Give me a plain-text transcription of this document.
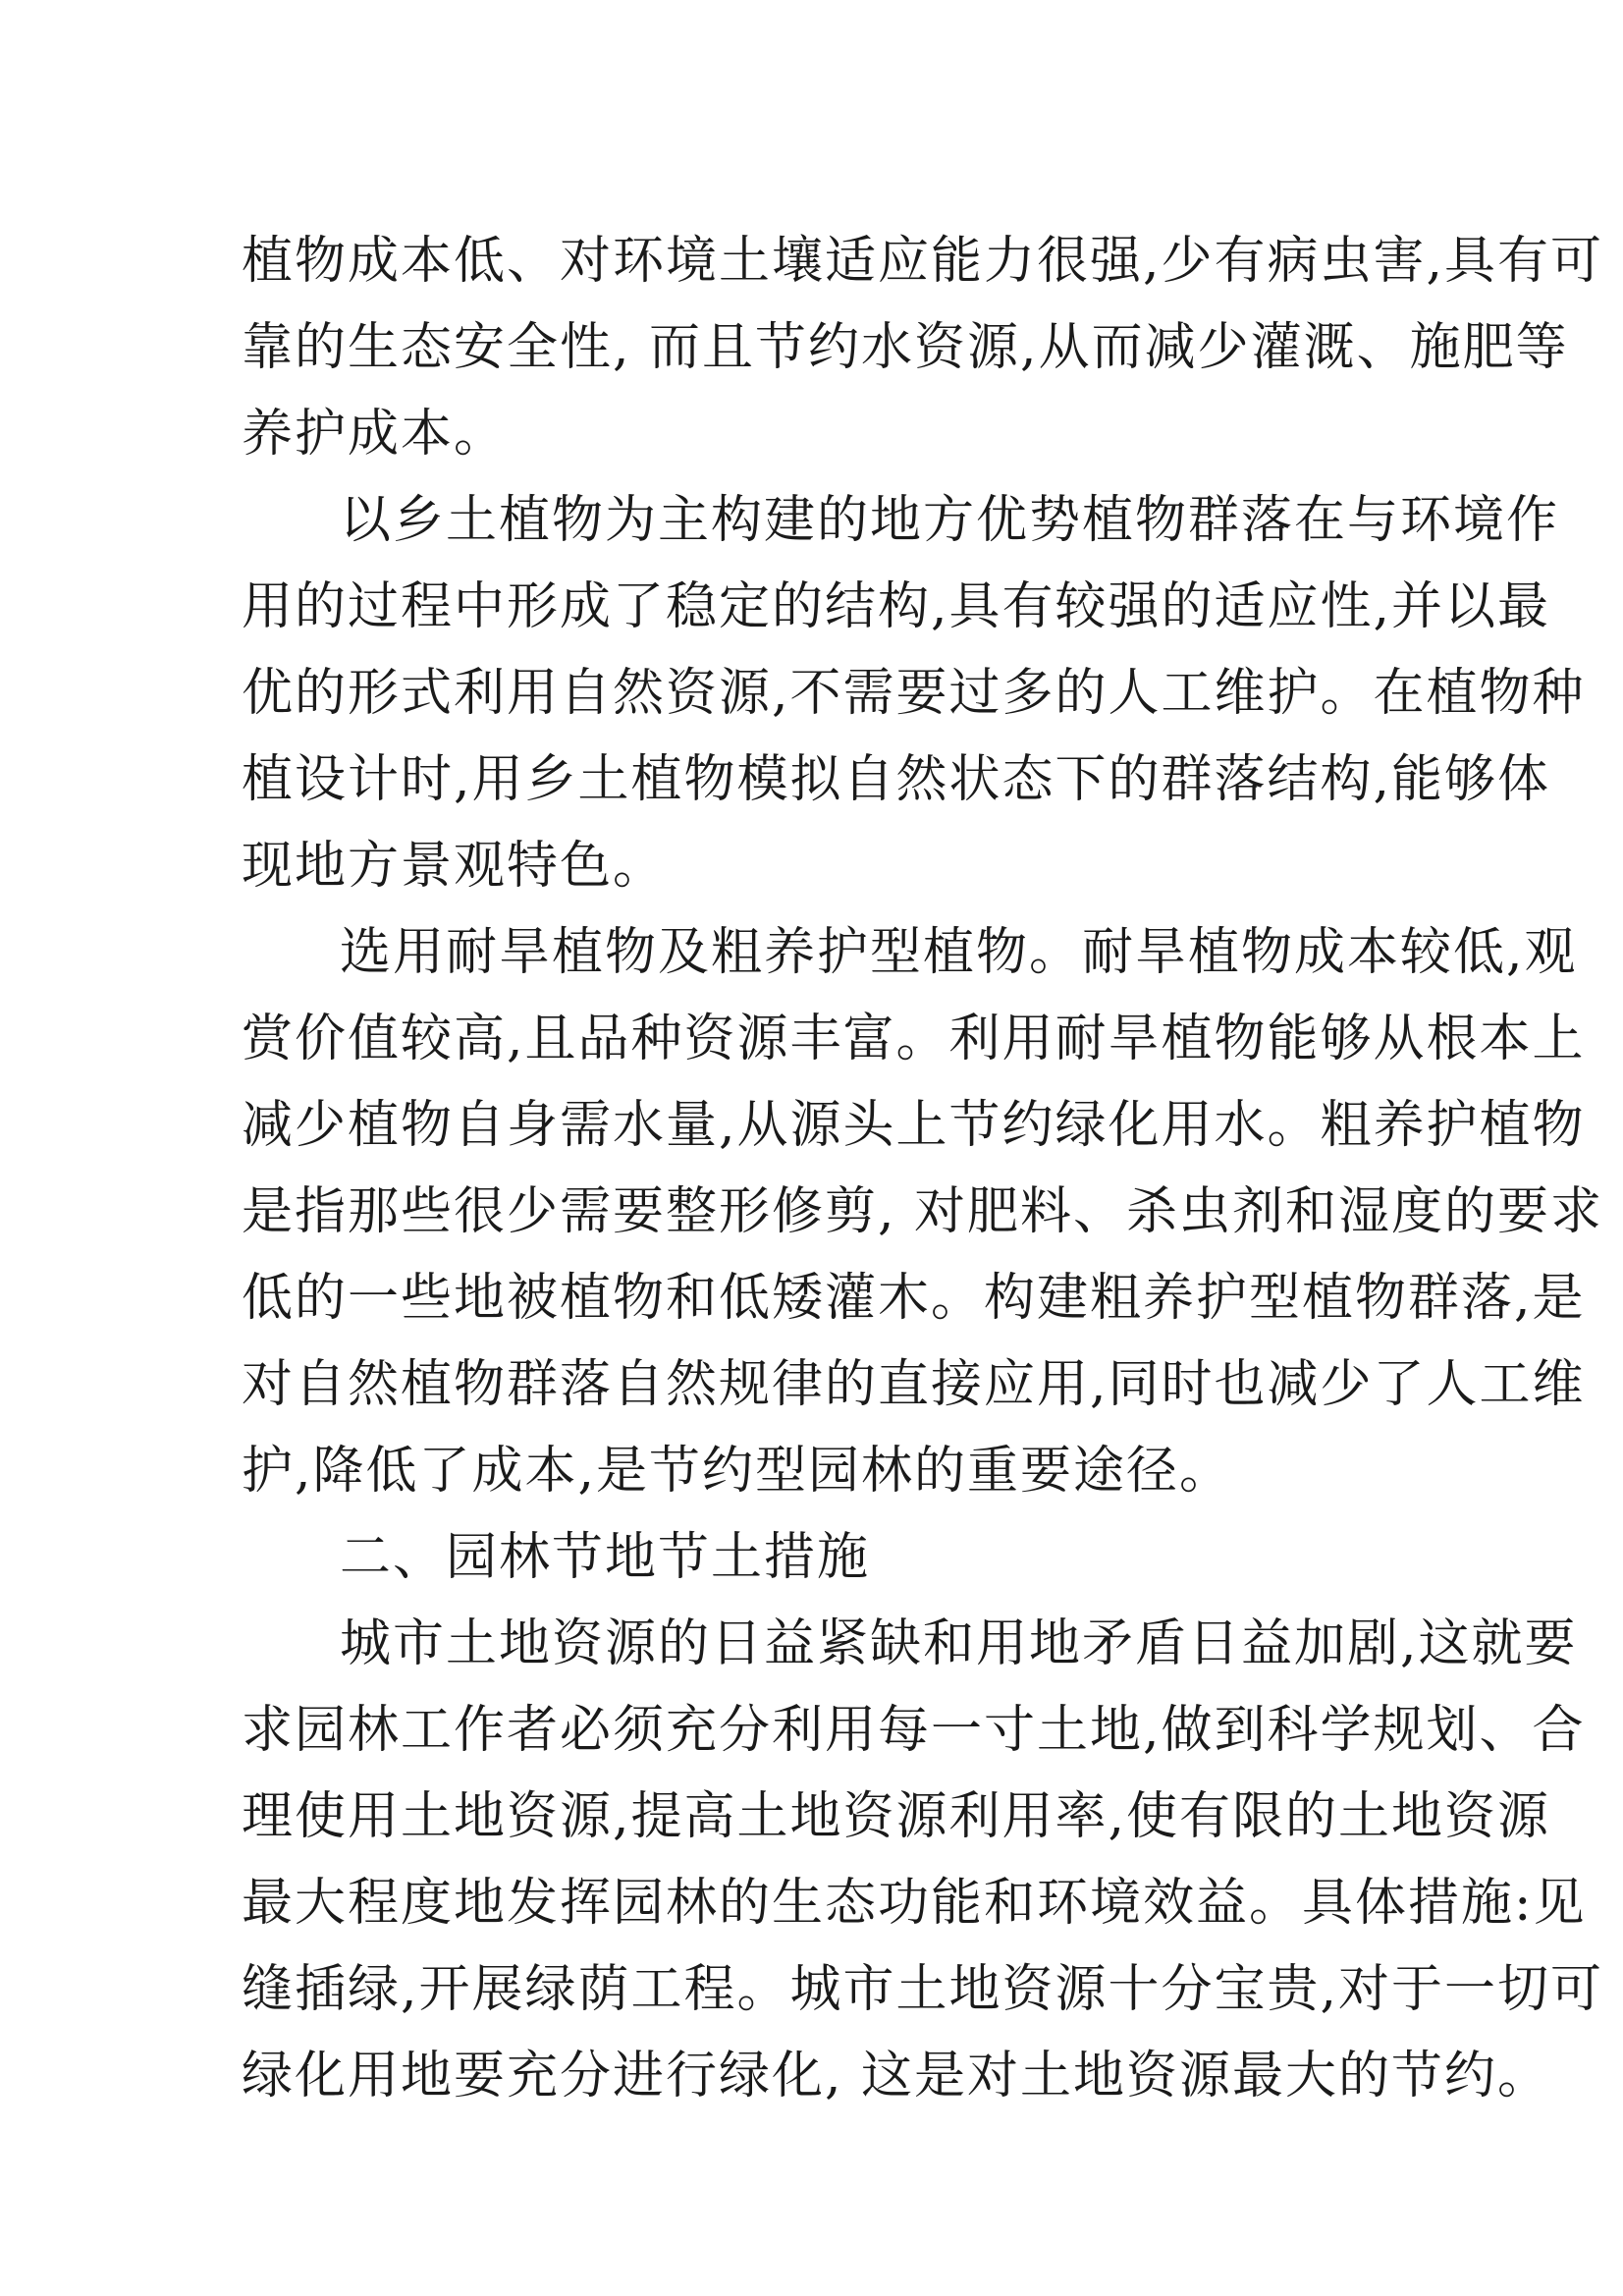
植物成本低、对环境土壤适应能力很强,少有病虫害,具有可
靠的生态安全性, 而且节约水资源,从而减少灌溉、施肥等
养护成本。
以乡土植物为主构建的地方优势植物群落在与环境作
用的过程中形成了稳定的结构,具有较强的适应性,并以最
优的形式利用自然资源,不需要过多的人工维护。在植物种
植设计时,用乡土植物模拟自然状态下的群落结构,能够体
现地方景观特色。
选用耐旱植物及粗养护型植物。耐旱植物成本较低,观
赏价值较高,且品种资源丰富。利用耐旱植物能够从根本上
减少植物自身需水量,从源头上节约绿化用水。粗养护植物
是指那些很少需要整形修剪, 对肥料、杀虫剂和湿度的要求
低的一些地被植物和低矮灌木。构建粗养护型植物群落,是
对自然植物群落自然规律的直接应用,同时也减少了人工维
护,降低了成本,是节约型园林的重要途径。
二、园林节地节土措施
城市土地资源的日益紧缺和用地矛盾日益加剧,这就要
求园林工作者必须充分利用每一寸土地,做到科学规划、合
理使用土地资源,提高土地资源利用率,使有限的土地资源
最大程度地发挥园林的生态功能和环境效益。具体措施:见
缝插绿,开展绿荫工程。城市土地资源十分宝贵,对于一切可
绿化用地要充分进行绿化, 这是对土地资源最大的节约。
